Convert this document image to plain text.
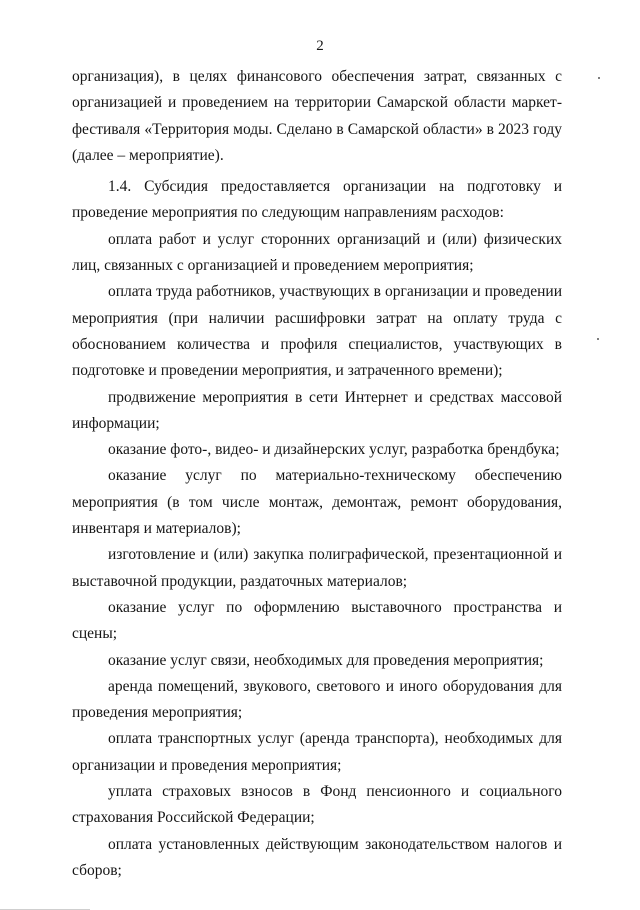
2

организация), в целях финансового обеспечения затрат, связанных с организацией и проведением на территории Самарской области маркет-фестиваля «Территория моды. Сделано в Самарской области» в 2023 году (далее – мероприятие).

1.4. Субсидия предоставляется организации на подготовку и проведение мероприятия по следующим направлениям расходов:

оплата работ и услуг сторонних организаций и (или) физических лиц, связанных с организацией и проведением мероприятия;

оплата труда работников, участвующих в организации и проведении мероприятия (при наличии расшифровки затрат на оплату труда с обоснованием количества и профиля специалистов, участвующих в подготовке и проведении мероприятия, и затраченного времени);

продвижение мероприятия в сети Интернет и средствах массовой информации;

оказание фото-, видео- и дизайнерских услуг, разработка брендбука;

оказание услуг по материально-техническому обеспечению мероприятия (в том числе монтаж, демонтаж, ремонт оборудования, инвентаря и материалов);

изготовление и (или) закупка полиграфической, презентационной и выставочной продукции, раздаточных материалов;

оказание услуг по оформлению выставочного пространства и сцены;

оказание услуг связи, необходимых для проведения мероприятия;

аренда помещений, звукового, светового и иного оборудования для проведения мероприятия;

оплата транспортных услуг (аренда транспорта), необходимых для организации и проведения мероприятия;

уплата страховых взносов в Фонд пенсионного и социального страхования Российской Федерации;

оплата установленных действующим законодательством налогов и сборов;
